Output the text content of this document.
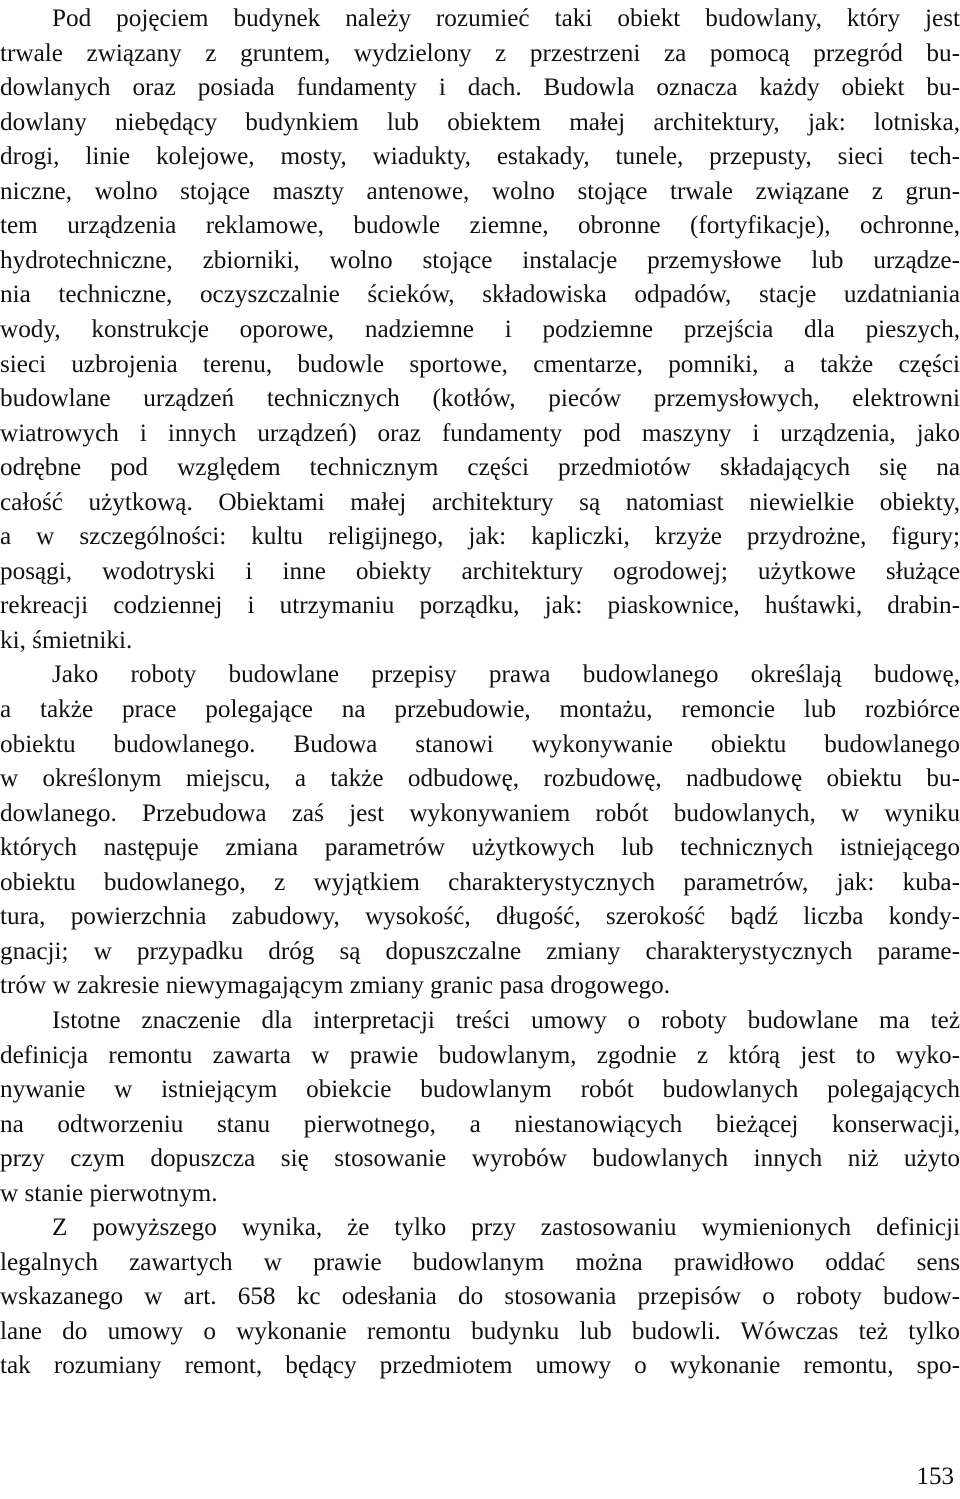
Pod pojęciem budynek należy rozumieć taki obiekt budowlany, który jest
trwale związany z gruntem, wydzielony z przestrzeni za pomocą przegród bu-
dowlanych oraz posiada fundamenty i dach. Budowla oznacza każdy obiekt bu-
dowlany niebędący budynkiem lub obiektem małej architektury, jak: lotniska,
drogi, linie kolejowe, mosty, wiadukty, estakady, tunele, przepusty, sieci tech-
niczne, wolno stojące maszty antenowe, wolno stojące trwale związane z grun-
tem urządzenia reklamowe, budowle ziemne, obronne (fortyfikacje), ochronne,
hydrotechniczne, zbiorniki, wolno stojące instalacje przemysłowe lub urządze-
nia techniczne, oczyszczalnie ścieków, składowiska odpadów, stacje uzdatniania
wody, konstrukcje oporowe, nadziemne i podziemne przejścia dla pieszych,
sieci uzbrojenia terenu, budowle sportowe, cmentarze, pomniki, a także części
budowlane urządzeń technicznych (kotłów, pieców przemysłowych, elektrowni
wiatrowych i innych urządzeń) oraz fundamenty pod maszyny i urządzenia, jako
odrębne pod względem technicznym części przedmiotów składających się na
całość użytkową. Obiektami małej architektury są natomiast niewielkie obiekty,
a w szczególności: kultu religijnego, jak: kapliczki, krzyże przydrożne, figury;
posągi, wodotryski i inne obiekty architektury ogrodowej; użytkowe służące
rekreacji codziennej i utrzymaniu porządku, jak: piaskownice, huśtawki, drabin-
ki, śmietniki.
Jako roboty budowlane przepisy prawa budowlanego określają budowę,
a także prace polegające na przebudowie, montażu, remoncie lub rozbiórce
obiektu budowlanego. Budowa stanowi wykonywanie obiektu budowlanego
w określonym miejscu, a także odbudowę, rozbudowę, nadbudowę obiektu bu-
dowlanego. Przebudowa zaś jest wykonywaniem robót budowlanych, w wyniku
których następuje zmiana parametrów użytkowych lub technicznych istniejącego
obiektu budowlanego, z wyjątkiem charakterystycznych parametrów, jak: kuba-
tura, powierzchnia zabudowy, wysokość, długość, szerokość bądź liczba kondy-
gnacji; w przypadku dróg są dopuszczalne zmiany charakterystycznych parame-
trów w zakresie niewymagającym zmiany granic pasa drogowego.
Istotne znaczenie dla interpretacji treści umowy o roboty budowlane ma też
definicja remontu zawarta w prawie budowlanym, zgodnie z którą jest to wyko-
nywanie w istniejącym obiekcie budowlanym robót budowlanych polegających
na odtworzeniu stanu pierwotnego, a niestanowiących bieżącej konserwacji,
przy czym dopuszcza się stosowanie wyrobów budowlanych innych niż użyto
w stanie pierwotnym.
Z powyższego wynika, że tylko przy zastosowaniu wymienionych definicji
legalnych zawartych w prawie budowlanym można prawidłowo oddać sens
wskazanego w art. 658 kc odesłania do stosowania przepisów o roboty budow-
lane do umowy o wykonanie remontu budynku lub budowli. Wówczas też tylko
tak rozumiany remont, będący przedmiotem umowy o wykonanie remontu, spo-
153
